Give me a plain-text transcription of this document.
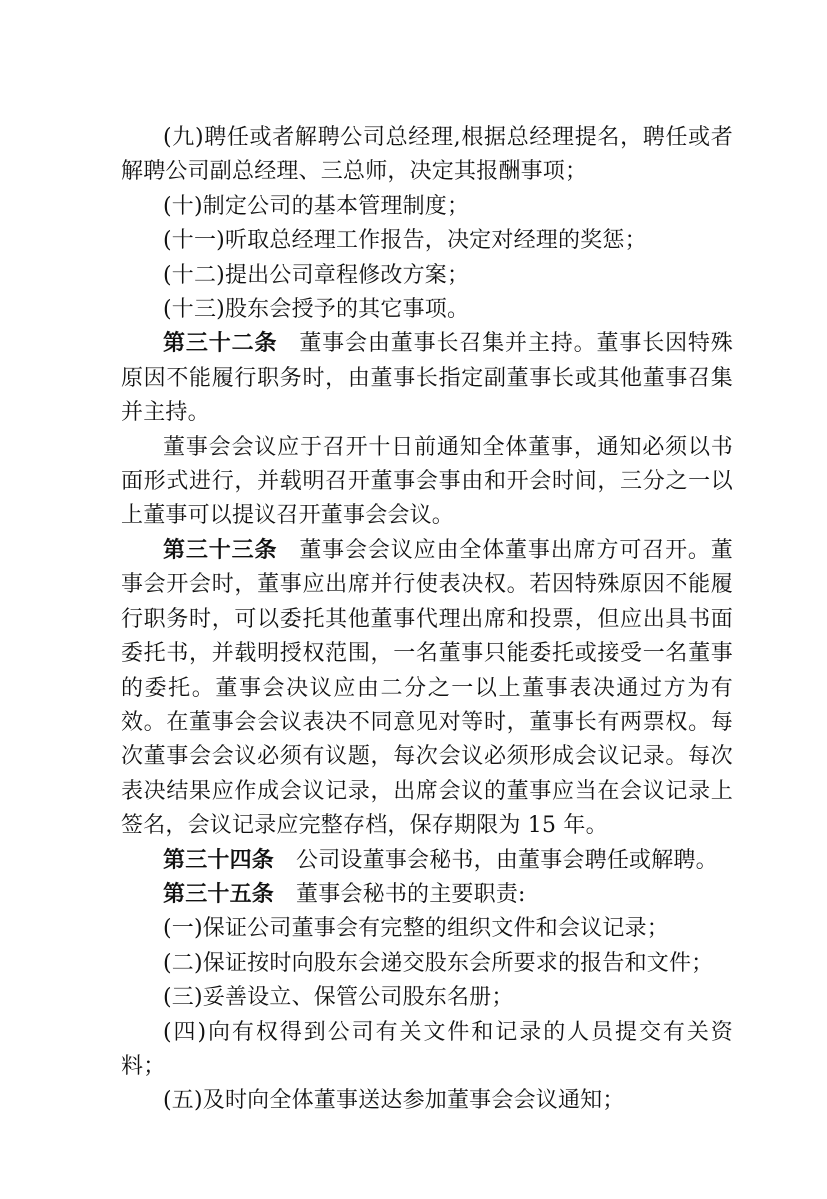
(九)聘任或者解聘公司总经理,根据总经理提名，聘任或者解聘公司副总经理、三总师，决定其报酬事项；

(十)制定公司的基本管理制度；

(十一)听取总经理工作报告，决定对经理的奖惩；

(十二)提出公司章程修改方案；

(十三)股东会授予的其它事项。

第三十二条 董事会由董事长召集并主持。董事长因特殊原因不能履行职务时，由董事长指定副董事长或其他董事召集并主持。

董事会会议应于召开十日前通知全体董事，通知必须以书面形式进行，并载明召开董事会事由和开会时间，三分之一以上董事可以提议召开董事会会议。

第三十三条 董事会会议应由全体董事出席方可召开。董事会开会时，董事应出席并行使表决权。若因特殊原因不能履行职务时，可以委托其他董事代理出席和投票，但应出具书面委托书，并载明授权范围，一名董事只能委托或接受一名董事的委托。董事会决议应由二分之一以上董事表决通过方为有效。在董事会会议表决不同意见对等时，董事长有两票权。每次董事会会议必须有议题，每次会议必须形成会议记录。每次表决结果应作成会议记录，出席会议的董事应当在会议记录上签名，会议记录应完整存档，保存期限为 15 年。

第三十四条 公司设董事会秘书，由董事会聘任或解聘。

第三十五条 董事会秘书的主要职责:

(一)保证公司董事会有完整的组织文件和会议记录；

(二)保证按时向股东会递交股东会所要求的报告和文件；

(三)妥善设立、保管公司股东名册；

(四)向有权得到公司有关文件和记录的人员提交有关资料；

(五)及时向全体董事送达参加董事会会议通知；
